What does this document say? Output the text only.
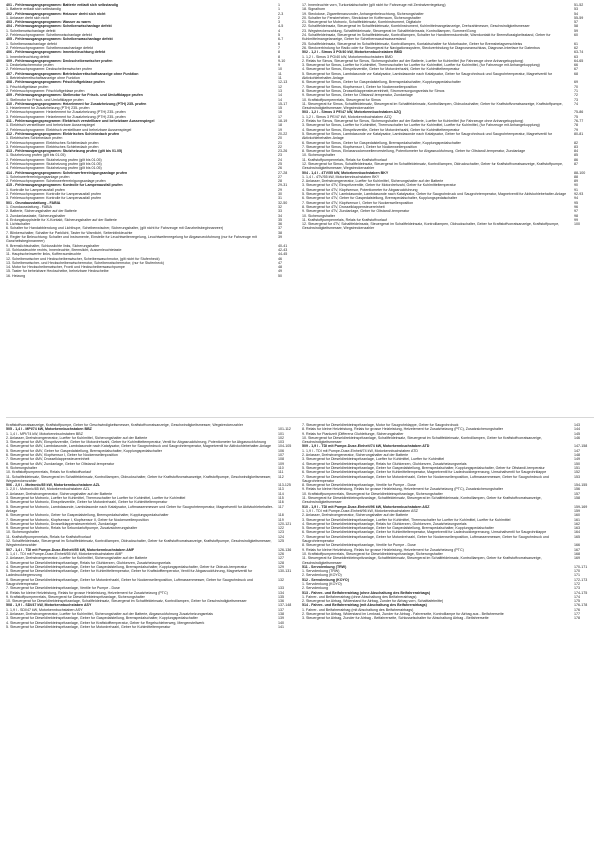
401 - Fehlerausgangsprogramm: Batterie entladt sich selbstandig	1
1. Batterie entladt sich selbstandig	1
402 - Fehlerausgangsprogramm: Heizuser dreht sich nicht	2-3
1. Anlasser dreht sich nicht	2
403 - Fehlerausgangsprogramm: Wasser zu warm	3
404 - Fehlerausgangsprogramm: Scheibenwischanlage defekt	4-5
1. Scheibenwischanlage defekt	4
2. Fehlersuchprogramm: Scheibenwischanlage defekt	5
405 - Fehlerausgangsprogramm: Scheibenwaschanlage defekt	6-7
1. Scheibenwaschanlage defekt	6
2. Fehlersuchprogramm: Scheibenwaschanlage defekt	7
406 - Fehlerausgangsprogramm: Innenbeleuchtung defekt	8
1. Innenbeleuchtung defekt	8
409 - Fehlerausgangsprogramm: Deckscheibenwischer prufen	9-10
1. Deckelwischermotor prufen	9
2. Fehlersuchprogramm: Deckscheibenwischer prufen	10
407 - Fehlerausgangsprogramm: Betriebsbereitschaftsanzeige ohne Funktion	11
1. Betriebsbereitschaftsanzeige ohne Funktion	11
408 - Fehlerausgangsprogramm: Frischluftgeblase prufen	12-13
1. Frischluftgeblase prufen	12
2. Fehlersuchprogramm: Frischluftgeblase prufen	13
409 - Fehlerausgangsprogramm: Stellmotor fur Frisch- und Umluftklappe prufen	14
1. Stellmotor fur Frisch- und Umluftklappe prufen	14
410 - Fehlerausgangsprogramm: Heizelement fur Zusatzheizung (PTH) 235- prufen	15-17
1. Heizelement fur Zusatzheizung (PTH) 235- prufen	15
2. Fehlersuchprogramm: Heizelement fur Zusatzheizung (PTH) 235- prufen	16
3. Fehlersuchprogramm: Heizelement fur Zusatzheizung (PTH) 235- prufen	17
411 - Fehlerausgangsprogramm: Elektrisch verstellbare und beheizbare Aussenspiegel	18-19
1. Elektrisch verstellbare und beheizbare Aussenspiegel	18
2. Fehlersuchprogramm: Elektrisch verstellbare und beheizbare Aussenspiegel	19
412 - Fehlerausgangsprogramm: Elektrisches Schiebedach prufen	20-22
1. Elektrisches Schiebedach prufen	20
2. Fehlersuchprogramm: Elektrisches Schiebedach prufen	21
3. Fehlersuchprogramm: Elektrisches Schiebedach prufen	22
413 - Fehlerausgangsprogramm: Stutzheizung prufen (gilt bis 01.05)	23-26
1. Stutzheizung prufen (gilt bis 01.05)	23
2. Fehlersuchprogramm: Stutzheizung prufen (gilt bis 01.05)	24
3. Fehlersuchprogramm: Stutzheizung prufen (gilt bis 01.05)	25
4. Fehlersuchprogramm: Stutzheizung prufen (gilt bis 01.05)	26
414 - Fehlerausgangsprogramm: Scheinwerferreinigungsanlage prufen	27-28
1. Scheinwerferreinigungsanlage prufen	27
2. Fehlersuchprogramm: Scheinwerferreinigungsanlage prufen	28
415 - Fehlerausgangsprogramm: Kontrolle fur Lampenausfall prufen	29-31
1. Kontrolle fur Lampenausfall prufen	29
2. Fehlersuchprogramm: Kontrolle fur Lampenausfall prufen	30
3. Fehlersuchprogramm: Kontrolle fur Lampenausfall prufen	31
501 - Grundausstattung - FABIA	32-50
1. Grundausstattung - FABIA	32
2. Batterie, Sicherungshalter auf der Batterie	33
3. Zundanlasstaste, Sicherungshalter	34
4. Erdungskopplstelle fur X-Kontakt, Sicherungshalter auf der Batterie	35
5. Lichtschalter	36
6. Schalter fur Handabblendung und Lichthupe, Scheibenwischer, Sicherungshalter, (gilt nicht fur Fahrzeuge mit Ganzheitsbeginnanreer)	37
7. Blinkerschalter, Schalter fur Parklicht, Taster fur Warnlicht, Seitenblinkleuchte	38
8. Regler fur Beleuchtung: Schalter und Instrumente, Einstelle fur Leuchtweitenregelung, Leuchtweitenregelung fur Abgasrueckfuhrung (nur fur Fahrzeuge mit Ganzheitsbeginnanreer)
39
9. Bremslichtschalter, Schlusslichte links, Sicherungshalter	40-41
10. Schlussleuchte rechts, Innenleuchte, Bremslicht, Aussenleuchtetaste	42-43
11. Hauptscheinwerfer links, Kofferraumleuchte	44-45
12. Scheibenwischer und Heckscheibenwischer, Scheibenwaschmotor, (gilt nicht fur Stufenheck)	46
13. Scheibenwischer- und Heckscheibenwischermotor, Scheibenwischermotor, (nur fur Stufenheck)	47
14. Motor fur Heckscheibenwischer, Fronti und Heckscheibenwaschpumpe	48
15. Taster fur beheizbare Heckscheibe, beheizbare Heckscheibe	49
16. Heizung	50
17. Innenleuchte vorn, Turkontaktschalter (gilt nicht fur Fahrzeuge mit Zentralverriegelung)	51-52
18. Signalhorn	53
19. Steckdose, Zigarettenanzunder, Anhangerbeleuchtung, Sicherungshalter	54
20. Schalter fur Fensterheben, Steckdose im Kofferraum, Sicherungshalter	55-59
21. Steuergerat fur Motronic, Schaltfeldeinsatz, Kombinstrument, Digitaluhr	57
22. Schaltfeldeinsatz, Steuergerat im Schaltfeldeinsatz, Kombiinstrument, Kuhlmittelmangelanzeige, Drehzahlmesser, Geschwindigkeitsmesser	58
23. Wegstreckenzahlung, Schaltfeldeinsatz, Steuergerat im Schaltfeldeinsatz, Kontrolllampen, Summer/Gong	59
24. Schaltfeldeinsatz, Steuergerat im Schaltfeldeinsatz, Kontrolllampen, Schalter fur Handbremskontrolle, Warnkontakt fur Bremsflussigkeitsstand, Geber fur Kuhlmittelmangelanzeige, Geber fur Scheibenwaschwasserstand
60
25. Schaltfeldeinsatz, Steuergerat im Schaltfeldeinsatz, Kontrolllampen, Kontaktschalter fur Motorhaube, Geber fur Bremsbelagverschleiss	61
26. Steckverbindung fur Radio oder fur Steuergerat fur Navigationssystem, Steckverbindung fur Diagnoseanschluss, Diagnose-Interface fur Datenbus	62
502 - 1,2 l - Simos 3 PG/40 kW, Motorkennbuchstaben BMD	63-74
1. 1,2 l - Simos 3 PG/40 kW, Motorkennbuchstaben BMD	63
2. Relais fur Simos, Steuergerat fur Simos, Sicherungshalter auf der Batterie, Luefter fur Kuhlmittel (fur Fahrzeuge ohne Anhangekupplung)	64-65
3. Steuergerat fur Simos, Luefter fur Kuhlmittel, Thermoschalter fur Luefter fur Kuhlmittel, Luefter fur Kuhlmittel, (fur Fahrzeuge mit Anhangekupplung)	66
4. Steuergerat fur Simos, Einspritzventile, Geber fur Motordrehzahl, Geber fur Kuhlmitteltemperatur	67
5. Steuergerat fur Simos, Lambdasonde vor Katalysator, Lambdasonde nach Katalysator, Geber fur Saugrohrdruck und Saugrohrtemperatur, Magnetventil fur Aktivkohlebehalter-Anlage
68
6. Steuergerat fur Simos, Geber fur Gaspedalstellung, Bremspedalschalter, Kupplungspedalschalter	69
7. Steuergerat fur Simos, Klopfsensor I, Geber fur Nockenwellenposition	70
8. Steuergerat fur Simos, Drosselklappensteuereinheit, Stromversorgungsrelais fur Simos	71
9. Steuergerat fur Simos, Geber fur Oltstand/-temperatur, Zundanlage	72
10. Kraftstoffpumpenrelais, Steuergerat fur Simos	73
11. Steuergerat fur Simos, Schaltfeldeinsatz, Steuergerat im Schaltfeldeinsatz, Kontrolllampen, Oldruckschalter, Geber fur Kraftstoffvorratsanzeige, Kraftstoffpumpe, Geschwindigkeitsmesser, Wegstreckenzahler
74
503 - 1,2 l - Simos 3 PE/47 kW, Motorkennbuchstaben AZQ	75-86
1. 1,2 l - Simos 3 PE/47 kW, Motorkennbuchstaben AZQ	75
2. Relais fur Simos, Steuergerat fur Simos, Sicherungshalter auf der Batterie, Luefter fur Kuhlmittel (fur Fahrzeuge ohne Anhangekupplung)	76-77
3. Steuergerat fur Simos, Luefter fur Kuhlmittel, Thermoschalter fur Luefter fur Kuhlmittel, Luefter fur Kuhlmittel, (fur Fahrzeuge mit Anhangekupplung)	78
4. Steuergerat fur Simos, Einspritzventile, Geber fur Motordrehzahl, Geber fur Kuhlmitteltemperatur	79
5. Steuergerat fur Simos, Lambdasonde vor Katalysator, Lambdasonde nach Katalysator, Geber fur Saugrohrdruck und Saugrohrtemperatur, Magnetventil fur Aktivkohlebehalter-Anlage
80-81
6. Steuergerat fur Simos, Geber fur Gaspedalstellung, Bremspedalschalter, Kupplungspedalschalter	82
7. Steuergerat fur Simos, Klopfsensor I, Geber fur Nockenwellenposition	83
8. Steuergerat fur Simos, Einlassnockenwellenverstellung, Potentiometer fur Abgasruckfuhrung, Geber fur Oltstand/-temperatur, Zundanlage	84
10. Sicherungshalter	85
11. Kraftstoffpumpenrelais, Relais fur Kraftstoffvorlauf	86
12. Steuergerat fur Simos, Schaltfeldeinsatz, Steuergerat im Schaltfeldeinsatz, Kontrolllampen, Oldruckschalter, Geber fur Kraftstoffvorratsanzeige, Kraftstoffpumpe, Geschwindigkeitsmesser, Wegstreckenzahler
87
504 - 1,4 l - 4TV/55 kW, Motorkennbuchstaben BKY	88-100
1. 1,4 l - 4TV/55 kW, Motorkennbuchstaben BKY	88
2. Anlasser, Drehstromgenerator, Luefter fur Kuhlmittel, Sicherungshalter auf der Batterie	89
3. Steuergerat fur 4TV, Einspritzventile, Geber fur Motordrehzahl, Geber fur Kuhlmitteltemperatur	90
4. Steuergerat fur 4TV, Klopfsensor, Potentiometer fur Abgasruckfuhrung	91
5. Steuergerat fur 4TV, Lambdasonde, Lambdasonde nach Katalysator, Geber fur Saugrohrdruck und Saugrohrtemperatur, Magnetventil fur Aktivkohlebehalter-Anlage	92-93
6. Steuergerat fur 4TV, Geber fur Gaspedalstellung, Bremspedalschalter, Kupplungspedalschalter	94
7. Steuergerat fur 4TV, Klopfsensor I, Geber fur Nockenwellenposition	95
8. Steuergerat fur 4TV, Drosselklappensteuereinheit	96
9. Steuergerat fur 4TV, Zundanlage, Geber fur Oltstand/-temperatur	97
10. Sicherungshalter	98
11. Kraftstoffpumpenrelais, Relais fur Kraftstoffvorlauf	99
12. Steuergerat fur 4TV, Schaltfeldeinsatz, Steuergerat im Schaltfeldeinsatz, Kontrolllampen, Oldruckschalter, Geber fur Kraftstoffvorratsanzeige, Kraftstoffpumpe, Geschwindigkeitsmesser, Wegstreckenzahler
100
Kraftstoffvorratsanzeige, Kraftstoffpumpe, Geber fur Geschwindigkeitsmesser, Kraftstoffvorratsanzeige, Geschwindigkeitsmesser, Wegstreckenzahler
505 - 1,4 l - MPI/74 kW, Motorkennbuchstaben BBZ	101-112
1. 1,4 l - MPI/74 kW, Motorkennbuchstaben BBZ	101
2. Anlasser, Drehstromgenerator, Luefter fur Kuhlmittel, Sicherungshalter auf der Batterie	102
3. Steuergerat fur 4MV, Einspritzventile, Geber fur Motordrehzahl, Geber fur Kuhlmitteltemperatur, Ventil fur Abgasruckfuhrung, Potentiometer fur Abgasruckfuhrung	103
4. Steuergerat fur 4MV, Lambdasonde, Lambdasonde nach Katalysator, Geber fur Saugrohrdruck und Saugrohrtemperatur, Magnetventil fur Aktivkohlebehalter-Anlage	104-105
5. Steuergerat fur 4MV, Geber fur Gaspedalstellung, Bremspedalschalter, Kupplungspedalschalter	106
6. Steuergerat fur 4MV, Klopfsensor I, Geber fur Nockenwellenposition	107
7. Steuergerat fur 4MV, Drosselklappensteuereinheit	108
8. Steuergerat fur 4MV, Zundanlage, Geber fur Oltstand/-temperatur	109
9. Sicherungshalter	110
10. Kraftstoffpumpenrelais, Relais fur Kraftstoffvorlauf	111
11. Schaltfeldeinsatz, Steuergerat im Schaltfeldeinsatz, Kontrolllampen, Oldruckschalter, Geber fur Kraftstoffvorratsanzeige, Kraftstoffpumpe, Geschwindigkeitsmesser, Wegstreckenzahler
112
506 - 2,0 l - Motronic/85 kW, Motorkennbuchstaben AZL	113-125
1. 2,0 l - Motronic/85 kW, Motorkennbuchstaben AZL	113
2. Anlasser, Drehstromgenerator, Sicherungshalter auf der Batterie	114
3. Steuergerat fur Motronic, Luefter fur Kuhlmittel, Thermoschalter fur Luefter fur Kuhlmittel, Luefter fur Kuhlmittel	115
4. Steuergerat fur Motronic, Einspritzventile, Geber fur Motordrehzahl, Geber fur Kuhlmitteltemperatur	116
5. Steuergerat fur Motronic, Lambdasonde, Lambdasonde nach Katalysator, Luftmassenmesser und Geber fur Saugrohrtemperatur, Magnetventil fur Aktivkohlebehalter-Anlage
117
6. Steuergerat fur Motronic, Geber fur Gaspedalstellung, Bremspedalschalter, Kupplungspedalschalter	118
7. Steuergerat fur Motronic, Klopfsensor I, Klopfsensor II, Geber fur Nockenwellenposition	119
8. Steuergerat fur Motronic, Drosselklappensteuereinheit, Zundanlage	120-121
9. Steuergerat fur Motronic, Relais fur Sekundarluftpumpe, Zusatzsicherungshalter	122
10. Sicherungshalter	123
11. Kraftstoffpumpenrelais, Relais fur Kraftstoffvorlauf	124
12. Schaltfeldeinsatz, Steuergerat im Schaltfeldeinsatz, Kontrolllampen, Oldruckschalter, Geber fur Kraftstoffvorratsanzeige, Kraftstoffpumpe, Geschwindigkeitsmesser, Wegstreckenzahler
125
507 - 1,4 l - TDI mit Pumpe-Duse-Einheit/55 kW, Motorkennbuchstaben AMF	126-136
1. 1,4 l - TDI mit Pumpe-Duse-Einheit/55 kW, Motorkennbuchstaben AMF	126
2. Anlasser, Drehstromgenerator, Luefter fur Kuhlmittel, Sicherungshalter auf der Batterie	127
3. Steuergerat fur Dieseldirekteinspritzanlage, Relais fur Gluhkerzen, Gluhkerzen, Zusatzheizungsrelais	128
4. Steuergerat fur Dieseldirekteinspritzanlage, Geber fur Gaspedalstellung, Bremspedalschalter, Kupplungspedalschalter, Geber fur Oldruck-temperatur	129
5. Steuergerat fur Dieseldirekteinspritzanlage, Geber fur Kuhlmitteltemperatur, Geber fur Kraftstofftemperatur, Ventil fur Abgasruckfuhrung, Magnetventil fur Ladedruckbegrenzung
130-131
6. Steuergerat fur Dieseldirekteinspritzanlage, Geber fur Motordrehzahl, Geber fur Nockenwellenposition, Luftmassenmesser, Geber fur Saugrohrdruck und Saugrohrtemperatur
132
7. Steuergerat fur Dieseldirekteinspritzanlage, Ventile fur Pumpe - Duse	133
8. Relais fur kleine Heizleistung, Relais fur grosse Heizleistung, Heizelement fur Zusatzheizung (PTC)	134
9. Kraftstoffpumpenrelais, Steuergerat fur Dieseldirekteinspritzanlage, Sicherungshalter	135
10. Steuergerat fur Dieseldirekteinspritzanlage, Schaltfeldeinsatz, Steuergerat im Schaltfeldeinsatz, Kontrolllampen, Geber fur Geschwindigkeitsmesser	136
508 - 1,9 l - SDI/47 kW, Motorkennbuchstaben ASY	137-148
1. 1,9 l - SDI/47 kW, Motorkennbuchstaben ASY	137
2. Anlasser, Drehstromgenerator, Luefter fur Kuhlmittel, Sicherungshalter auf der Batterie, Abgasruckfuhrung Zusatzheizungsrelais	138
3. Steuergerat fur Dieseldirekteinspritzanlage, Geber fur Gaspedalstellung, Bremspedalschalter, Kupplungspedalschalter	139
4. Steuergerat fur Dieseldirekteinspritzanlage, Geber fur Kraftstofftemperatur, Geber fur Regelschieberweg, Mengenstellwerk	140
5. Steuergerat fur Dieseldirekteinspritzanlage, Geber fur Motordrehzahl, Geber fur Kuhlmitteltemperatur	141
7. Steuergerat fur Dieseldirekteinspritzanlage, Motor fur Saugrohrklappe, Geber fur Saugrohrdruck	143
8. Relais fur kleine Heizleistung, Relais fur grosse Heizleistung, Heizelement fur Zusatzheizung (PTC), Zusatzsicherungshalter	144
9. Relais fur Ftankzelt (Differenz Gluhleitunge, Sicherungshalter	145
10. Steuergerat fur Dieseldirekteinspritzanlage, Schaltfeldeinsatz, Steuergerat im Schaltfeldeinsatz, Kontrolllampen, Geber fur Kraftstoffvorratsanzeige, Geschwindigkeitsmesser
146
509 - 1,9 l - TDI mit Pumpe-Duse-Einheit/74 kW, Motorkennbuchstaben ATD	147-158
1. 1,9 l - TDI mit Pumpe-Duse-Einheit/74 kW, Motorkennbuchstaben ATD	147
2. Anlasser, Drehstromgenerator, Sicherungshalter auf der Batterie	148
3. Steuergerat fur Dieseldirekteinspritzanlage, Luefter fur Kuhlmittel, Luefter fur Kuhlmittel	149
4. Steuergerat fur Dieseldirekteinspritzanlage, Relais fur Gluhkerzen, Gluhkerzen, Zusatzheizungsrelais	150
5. Steuergerat fur Dieseldirekteinspritzanlage, Geber fur Gaspedalstellung, Bremspedalschalter, Kupplungspedalschalter, Geber fur Oltstand/-temperatur	151
6. Steuergerat fur Dieseldirekteinspritzanlage, Geber fur Kuhlmitteltemperatur, Magnetventil fur Ladedruckbegrenzung, Umschaltventil fur Saugrohrklappe	152
7. Steuergerat fur Dieseldirekteinspritzanlage, Geber fur Motordrehzahl, Geber fur Nockenwellenposition, Luftmassenmesser, Geber fur Saugrohrdruck und Saugrohrtemperatur
153
8. Steuergerat fur Dieseldirekteinspritzanlage, Ventile fur Pumpe - Duse	154-155
9. Relais fur kleine Heizleistung, Relais fur grosse Heizleistung, Heizelement fur Zusatzheizung (PTC), Zusatzsicherungshalter	156
10. Kraftstoffpumpenrelais, Steuergerat fur Dieseldirekteinspritzanlage, Sicherungshalter	157
11. Steuergerat fur Dieseldirekteinspritzanlage, Schaltfeldeinsatz, Steuergerat im Schaltfeldeinsatz, Kontrolllampen, Geber fur Kraftstoffvorratsanzeige, Geschwindigkeitsmesser
158
510 - 1,9 l - TDI mit Pumpe-Duse-Einheit/96 kW, Motorkennbuchstaben ASZ	159-169
1. 1,9 l - TDI mit Pumpe-Duse-Einheit/96 kW, Motorkennbuchstaben ASZ	159
2. Anlasser, Drehstromgenerator, Sicherungshalter auf der Batterie	160
3. Steuergerat fur Dieseldirekteinspritzanlage, Luefter fur Kuhlmittel, Thermoschalter fur Luefter fur Kuhlmittel, Luefter fur Kuhlmittel	161
4. Steuergerat fur Dieseldirekteinspritzanlage, Relais fur Gluhkerzen, Gluhkerzen, Zusatzheizungsrelais	162
5. Steuergerat fur Dieseldirekteinspritzanlage, Geber fur Gaspedalstellung, Bremspedalschalter, Kupplungspedalschalter	163
6. Steuergerat fur Dieseldirekteinspritzanlage, Geber fur Kuhlmitteltemperatur, Magnetventil fur Ladedruckbegrenzung, Umschaltventil fur Saugrohrklappe	164
7. Steuergerat fur Dieseldirekteinspritzanlage, Geber fur Motordrehzahl, Geber fur Nockenwellenposition, Luftmassenmesser, Geber fur Saugrohrdruck und Saugrohrtemperatur
165
8. Steuergerat fur Dieseldirekteinspritzanlage, Ventile fur Pumpe - Duse	166
9. Relais fur kleine Heizleistung, Relais fur grosse Heizleistung, Heizelement fur Zusatzheizung (PTC)	167
10. Kraftstoffpumpenrelais, Steuergerat fur Dieseldirekteinspritzanlage, Sicherungshalter	168
11. Steuergerat fur Dieseldirekteinspritzanlage, Schaltfeldeinsatz, Steuergerat im Schaltfeldeinsatz, Kontrolllampen, Geber fur Kraftstoffvorratsanzeige, Geschwindigkeitsmesser
169
511 - Servolenkung (TRW)	170-171
1. Servolenkung (TRW)	170
2. Servolenkung (KOYO)	171
512 - Servolenkung (KOYO)	172-173
1. Servolenkung (KOYO)	172
2. Servolenkung	173
513 - Fahrer- und Beifahrerairbag (ohne Abschaltung des Beifahrerairbags)	174-175
1. Fahrer- und Beifahrerairbag (ohne Abschaltung des Beifahrerairbags)	174
2. Steuergerat fur Airbag, Widerstand fur Airbag, Zunder fur Airbag vorn, Schalttafelmitte)	175
514 - Fahrer- und Beifahrerairbag (mit Abschaltung des Beifahrerairbags)	176-178
1. Fahrer- und Beifahrerairbag (mit Abschaltung des Beifahrerairbags)	176
2. Steuergerat fur Airbag, Widerstand im Lenkrad, Zunder fur Airbag - Fahrerseite, Kontrolllampe fur Airbag aus - Beifahrerseite	177
3. Steuergerat fur Airbag, Zunder fur Airbag - Beifahrerseite, Schlusselschalter fur Abschaltung Airbag - Beifahrerseite	178
